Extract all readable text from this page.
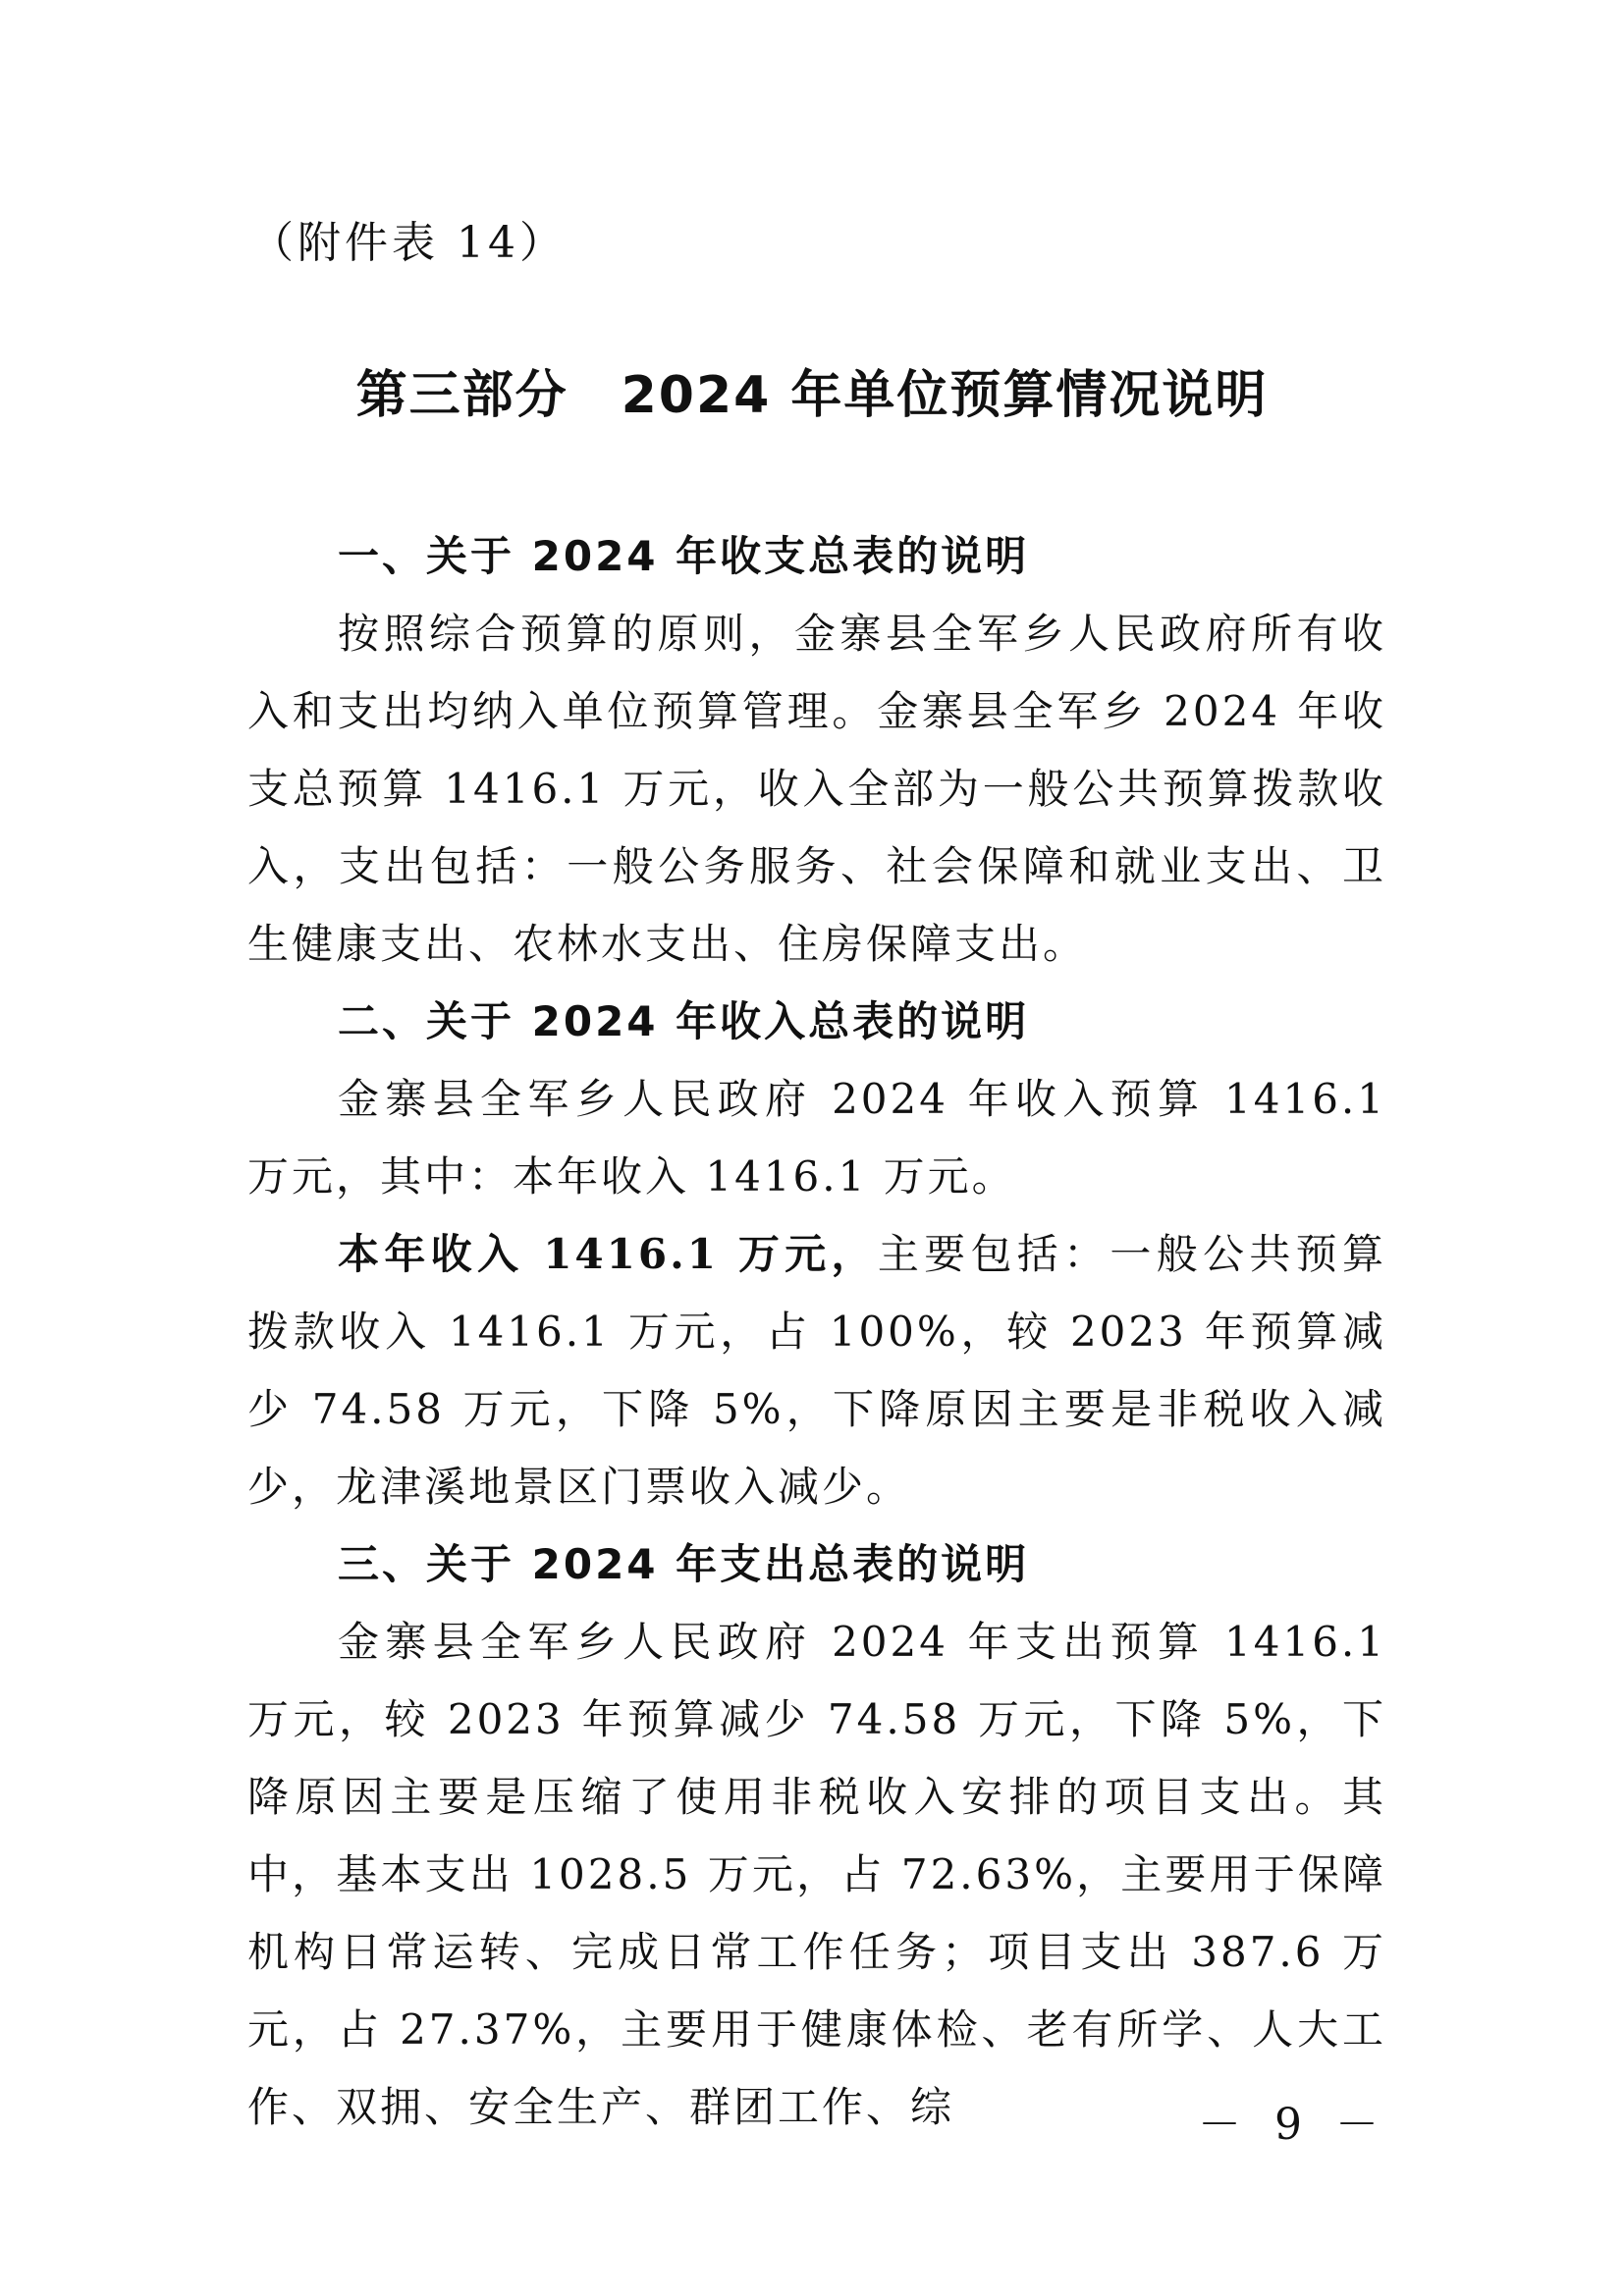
（附件表 14）
第三部分 2024 年单位预算情况说明

一、关于 2024 年收支总表的说明

按照综合预算的原则，金寨县全军乡人民政府所有收入和支出均纳入单位预算管理。金寨县全军乡 2024 年收支总预算 1416.1 万元，收入全部为一般公共预算拨款收入，支出包括：一般公务服务、社会保障和就业支出、卫生健康支出、农林水支出、住房保障支出。

二、关于 2024 年收入总表的说明

金寨县全军乡人民政府 2024 年收入预算 1416.1 万元，其中：本年收入 1416.1 万元。

本年收入 1416.1 万元，主要包括：一般公共预算拨款收入 1416.1 万元，占 100%，较 2023 年预算减少 74.58 万元，下降 5%，下降原因主要是非税收入减少，龙津溪地景区门票收入减少。

三、关于 2024 年支出总表的说明

金寨县全军乡人民政府 2024 年支出预算 1416.1 万元，较 2023 年预算减少 74.58 万元，下降 5%，下降原因主要是压缩了使用非税收入安排的项目支出。其中，基本支出 1028.5 万元，占 72.63%，主要用于保障机构日常运转、完成日常工作任务；项目支出 387.6 万元，占 27.37%，主要用于健康体检、老有所学、人大工作、双拥、安全生产、群团工作、综	－ 9 －
